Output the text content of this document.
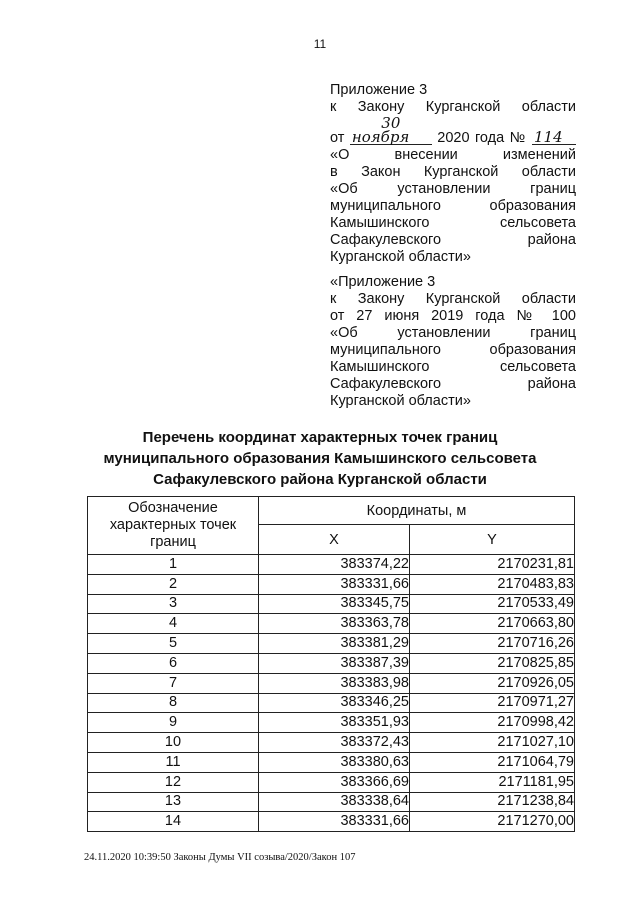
11

Приложение 3

к Закону Курганской области

от 30 ноября 2020 года № 114

«О внесении изменений

в Закон Курганской области

«Об установлении границ

муниципального образования

Камышинского сельсовета

Сафакулевского района

Курганской области»

«Приложение 3

к Закону Курганской области

от 27 июня 2019 года № 100

«Об установлении границ

муниципального образования

Камышинского сельсовета

Сафакулевского района

Курганской области»

Перечень координат характерных точек границ
муниципального образования Камышинского сельсовета
Сафакулевского района Курганской области
Обозначение характерных точек границ	Координаты, м	
	X	Y
1	383374,22	2170231,81
2	383331,66	2170483,83
3	383345,75	2170533,49
4	383363,78	2170663,80
5	383381,29	2170716,26
6	383387,39	2170825,85
7	383383,98	2170926,05
8	383346,25	2170971,27
9	383351,93	2170998,42
10	383372,43	2171027,10
11	383380,63	2171064,79
12	383366,69	2171181,95
13	383338,64	2171238,84
14	383331,66	2171270,00
24.11.2020 10:39:50 Законы Думы VII созыва/2020/Закон 107
